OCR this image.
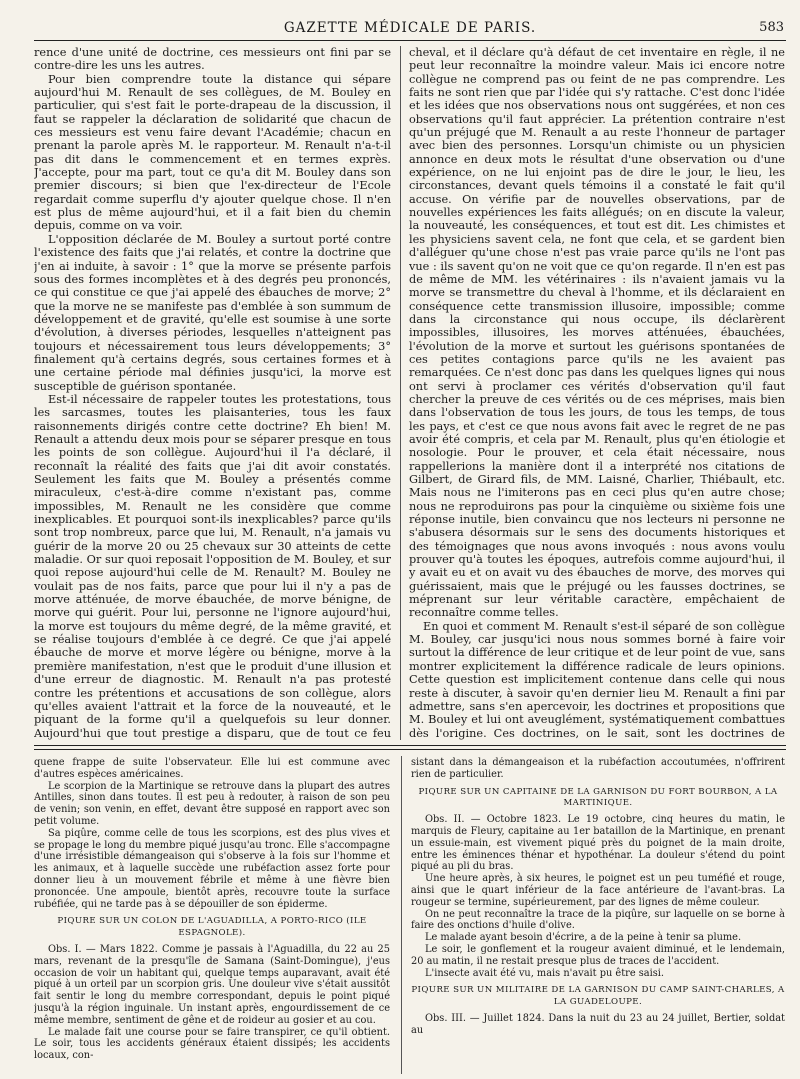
GAZETTE MÉDICALE DE PARIS.	583

rence d'une unité de doctrine, ces messieurs ont fini par se contre-dire les uns les autres.

Pour bien comprendre toute la distance qui sépare aujourd'hui M. Renault de ses collègues, de M. Bouley en particulier, qui s'est fait le porte-drapeau de la discussion, il faut se rappeler la déclaration de solidarité que chacun de ces messieurs est venu faire devant l'Académie; chacun en prenant la parole après M. le rapporteur. M. Renault n'a-t-il pas dit dans le commencement et en termes exprès. J'accepte, pour ma part, tout ce qu'a dit M. Bouley dans son premier discours; si bien que l'ex-directeur de l'Ecole regardait comme superflu d'y ajouter quelque chose. Il n'en est plus de même aujourd'hui, et il a fait bien du chemin depuis, comme on va voir.

L'opposition déclarée de M. Bouley a surtout porté contre l'existence des faits que j'ai relatés, et contre la doctrine que j'en ai induite, à savoir : 1° que la morve se présente parfois sous des formes incomplètes et à des degrés peu prononcés, ce qui constitue ce que j'ai appelé des ébauches de morve; 2° que la morve ne se manifeste pas d'emblée à son summum de développement et de gravité, qu'elle est soumise à une sorte d'évolution, à diverses périodes, lesquelles n'atteignent pas toujours et nécessairement tous leurs développements; 3° finalement qu'à certains degrés, sous certaines formes et à une certaine période mal définies jusqu'ici, la morve est susceptible de guérison spontanée.

Est-il nécessaire de rappeler toutes les protestations, tous les sarcasmes, toutes les plaisanteries, tous les faux raisonnements dirigés contre cette doctrine? Eh bien! M. Renault a attendu deux mois pour se séparer presque en tous les points de son collègue. Aujourd'hui il l'a déclaré, il reconnaît la réalité des faits que j'ai dit avoir constatés. Seulement les faits que M. Bouley a présentés comme miraculeux, c'est-à-dire comme n'existant pas, comme impossibles, M. Renault ne les considère que comme inexplicables. Et pourquoi sont-ils inexplicables? parce qu'ils sont trop nombreux, parce que lui, M. Renault, n'a jamais vu guérir de la morve 20 ou 25 chevaux sur 30 atteints de cette maladie. Or sur quoi reposait l'opposition de M. Bouley, et sur quoi repose aujourd'hui celle de M. Renault? M. Bouley ne voulait pas de nos faits, parce que pour lui il n'y a pas de morve atténuée, de morve ébauchée, de morve bénigne, de morve qui guérit. Pour lui, personne ne l'ignore aujourd'hui, la morve est toujours du même degré, de la même gravité, et se réalise toujours d'emblée à ce degré. Ce que j'ai appelé ébauche de morve et morve légère ou bénigne, morve à la première manifestation, n'est que le produit d'une illusion et d'une erreur de diagnostic. M. Renault n'a pas protesté contre les prétentions et accusations de son collègue, alors qu'elles avaient l'attrait et la force de la nouveauté, et le piquant de la forme qu'il a quelquefois su leur donner. Aujourd'hui que tout prestige a disparu, que de tout ce feu

cheval, et il déclare qu'à défaut de cet inventaire en règle, il ne peut leur reconnaître la moindre valeur. Mais ici encore notre collègue ne comprend pas ou feint de ne pas comprendre. Les faits ne sont rien que par l'idée qui s'y rattache. C'est donc l'idée et les idées que nos observations nous ont suggérées, et non ces observations qu'il faut apprécier. La prétention contraire n'est qu'un préjugé que M. Renault a au reste l'honneur de partager avec bien des personnes. Lorsqu'un chimiste ou un physicien annonce en deux mots le résultat d'une observation ou d'une expérience, on ne lui enjoint pas de dire le jour, le lieu, les circonstances, devant quels témoins il a constaté le fait qu'il accuse. On vérifie par de nouvelles observations, par de nouvelles expériences les faits allégués; on en discute la valeur, la nouveauté, les conséquences, et tout est dit. Les chimistes et les physiciens savent cela, ne font que cela, et se gardent bien d'alléguer qu'une chose n'est pas vraie parce qu'ils ne l'ont pas vue : ils savent qu'on ne voit que ce qu'on regarde. Il n'en est pas de même de MM. les vétérinaires : ils n'avaient jamais vu la morve se transmettre du cheval à l'homme, et ils déclaraient en conséquence cette transmission illusoire, impossible; comme dans la circonstance qui nous occupe, ils déclarèrent impossibles, illusoires, les morves atténuées, ébauchées, l'évolution de la morve et surtout les guérisons spontanées de ces petites contagions parce qu'ils ne les avaient pas remarquées. Ce n'est donc pas dans les quelques lignes qui nous ont servi à proclamer ces vérités d'observation qu'il faut chercher la preuve de ces vérités ou de ces méprises, mais bien dans l'observation de tous les jours, de tous les temps, de tous les pays, et c'est ce que nous avons fait avec le regret de ne pas avoir été compris, et cela par M. Renault, plus qu'en étiologie et nosologie. Pour le prouver, et cela était nécessaire, nous rappellerions la manière dont il a interprété nos citations de Gilbert, de Girard fils, de MM. Laisné, Charlier, Thiébault, etc. Mais nous ne l'imiterons pas en ceci plus qu'en autre chose; nous ne reproduirons pas pour la cinquième ou sixième fois une réponse inutile, bien convaincu que nos lecteurs ni personne ne s'abusera désormais sur le sens des documents historiques et des témoignages que nous avons invoqués : nous avons voulu prouver qu'à toutes les époques, autrefois comme aujourd'hui, il y avait eu et on avait vu des ébauches de morve, des morves qui guérissaient, mais que le préjugé ou les fausses doctrines, se méprenant sur leur véritable caractère, empêchaient de reconnaître comme telles.

En quoi et comment M. Renault s'est-il séparé de son collègue M. Bouley, car jusqu'ici nous nous sommes borné à faire voir surtout la différence de leur critique et de leur point de vue, sans montrer explicitement la différence radicale de leurs opinions. Cette question est implicitement contenue dans celle qui nous reste à discuter, à savoir qu'en dernier lieu M. Renault a fini par admettre, sans s'en apercevoir, les doctrines et propositions que M. Bouley et lui ont aveuglément, systématiquement combattues dès l'origine. Ces doctrines, on le sait, sont les doctrines de

quene frappe de suite l'observateur. Elle lui est commune avec d'autres espèces américaines.

Le scorpion de la Martinique se retrouve dans la plupart des autres Antilles, sinon dans toutes. Il est peu à redouter, à raison de son peu de venin; son venin, en effet, devant être supposé en rapport avec son petit volume.

Sa piqûre, comme celle de tous les scorpions, est des plus vives et se propage le long du membre piqué jusqu'au tronc. Elle s'accompagne d'une irrésistible démangeaison qui s'observe à la fois sur l'homme et les animaux, et à laquelle succède une rubéfaction assez forte pour donner lieu à un mouvement fébrile et même à une fièvre bien prononcée. Une ampoule, bientôt après, recouvre toute la surface rubéfiée, qui ne tarde pas à se dépouiller de son épiderme.

PIQURE SUR UN COLON DE L'AGUADILLA, A PORTO-RICO (ILE ESPAGNOLE).

Obs. I. — Mars 1822. Comme je passais à l'Aguadilla, du 22 au 25 mars, revenant de la presqu'île de Samana (Saint-Domingue), j'eus occasion de voir un habitant qui, quelque temps auparavant, avait été piqué à un orteil par un scorpion gris. Une douleur vive s'était aussitôt fait sentir le long du membre correspondant, depuis le point piqué jusqu'à la région inguinale. Un instant après, engourdissement de ce même membre, sentiment de gêne et de roideur au gosier et au cou.

Le malade fait une course pour se faire transpirer, ce qu'il obtient. Le soir, tous les accidents généraux étaient dissipés; les accidents locaux, con-

sistant dans la démangeaison et la rubéfaction accoutumées, n'offrirent rien de particulier.

PIQURE SUR UN CAPITAINE DE LA GARNISON DU FORT BOURBON, A LA MARTINIQUE.

Obs. II. — Octobre 1823. Le 19 octobre, cinq heures du matin, le marquis de Fleury, capitaine au 1er bataillon de la Martinique, en prenant un essuie-main, est vivement piqué près du poignet de la main droite, entre les éminences thénar et hypothénar. La douleur s'étend du point piqué au pli du bras.

Une heure après, à six heures, le poignet est un peu tuméfié et rouge, ainsi que le quart inférieur de la face antérieure de l'avant-bras. La rougeur se termine, supérieurement, par des lignes de même couleur.

On ne peut reconnaître la trace de la piqûre, sur laquelle on se borne à faire des onctions d'huile d'olive.

Le malade ayant besoin d'écrire, a de la peine à tenir sa plume.

Le soir, le gonflement et la rougeur avaient diminué, et le lendemain, 20 au matin, il ne restait presque plus de traces de l'accident.

L'insecte avait été vu, mais n'avait pu être saisi.

PIQURE SUR UN MILITAIRE DE LA GARNISON DU CAMP SAINT-CHARLES, A LA GUADELOUPE.

Obs. III. — Juillet 1824. Dans la nuit du 23 au 24 juillet, Bertier, soldat au
